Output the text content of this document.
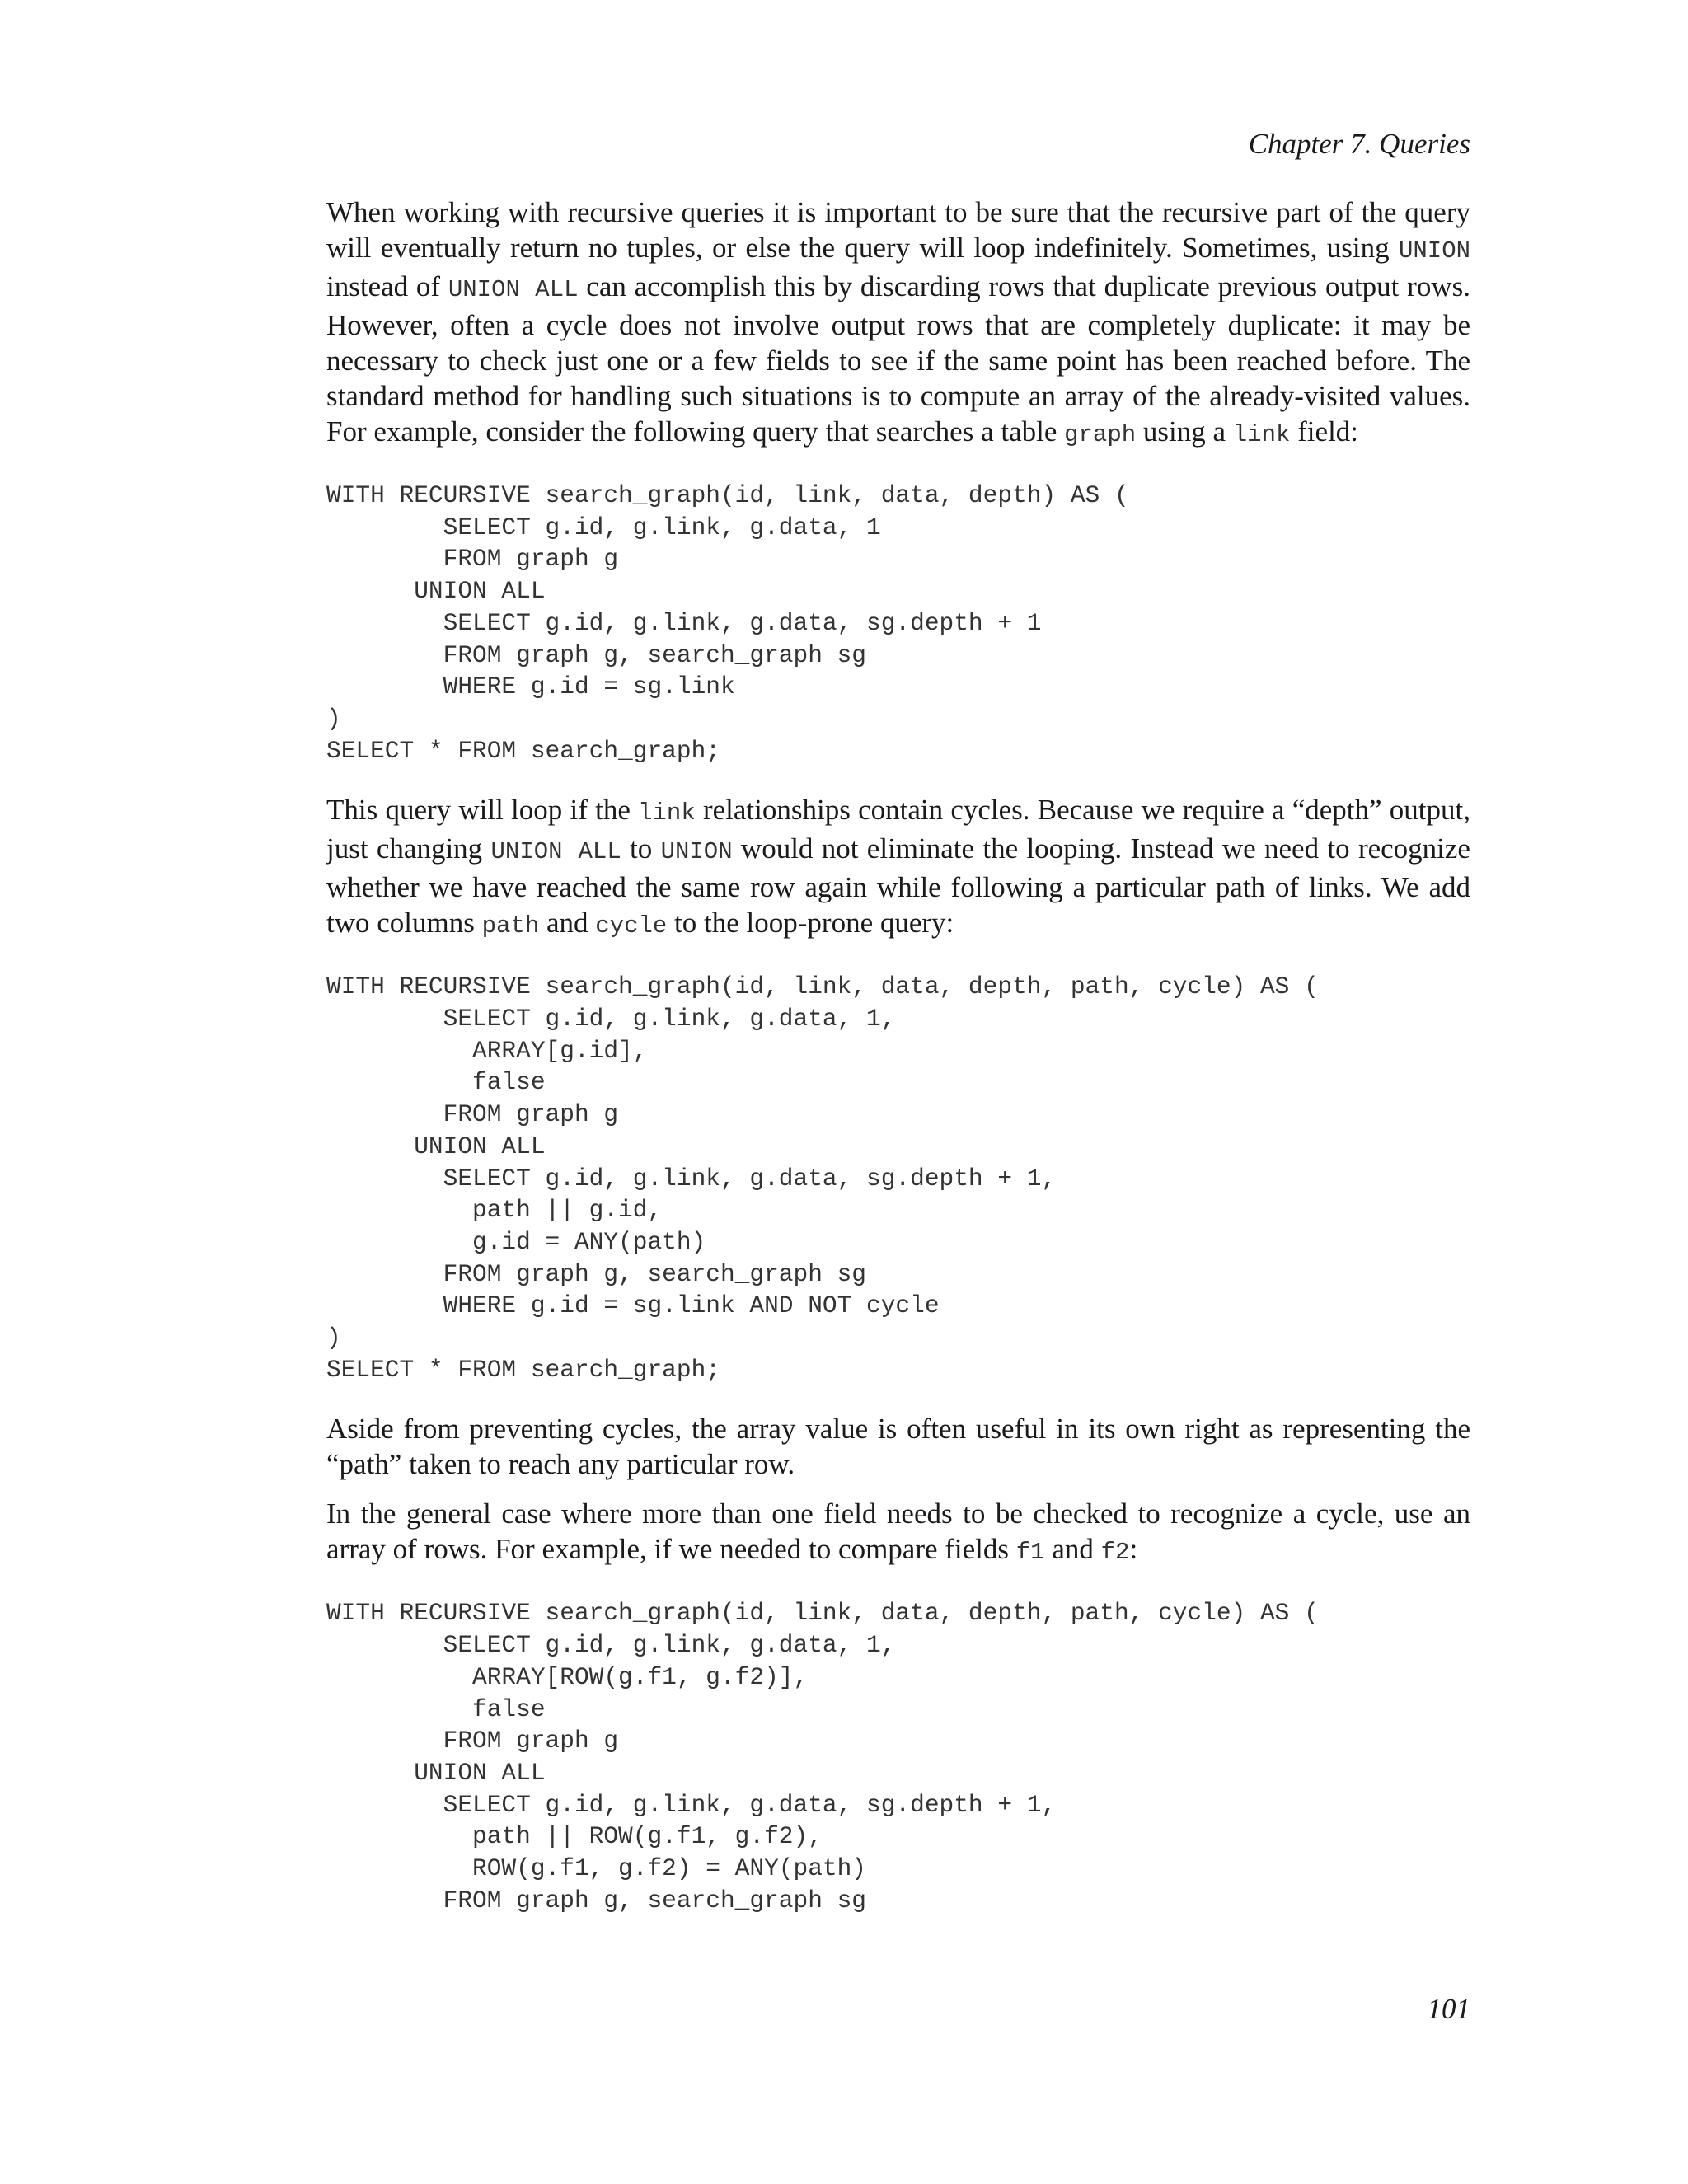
Chapter 7. Queries

When working with recursive queries it is important to be sure that the recursive part of the query will eventually return no tuples, or else the query will loop indefinitely. Sometimes, using UNION instead of UNION ALL can accomplish this by discarding rows that duplicate previous output rows. However, often a cycle does not involve output rows that are completely duplicate: it may be necessary to check just one or a few fields to see if the same point has been reached before. The standard method for handling such situations is to compute an array of the already-visited values. For example, consider the following query that searches a table graph using a link field:

WITH RECURSIVE search_graph(id, link, data, depth) AS (
SELECT g.id, g.link, g.data, 1
FROM graph g
UNION ALL
SELECT g.id, g.link, g.data, sg.depth + 1
FROM graph g, search_graph sg
WHERE g.id = sg.link
)
SELECT * FROM search_graph;

This query will loop if the link relationships contain cycles. Because we require a “depth” output, just changing UNION ALL to UNION would not eliminate the looping. Instead we need to recognize whether we have reached the same row again while following a particular path of links. We add two columns path and cycle to the loop-prone query:

WITH RECURSIVE search_graph(id, link, data, depth, path, cycle) AS (
SELECT g.id, g.link, g.data, 1,
ARRAY[g.id],
false
FROM graph g
UNION ALL
SELECT g.id, g.link, g.data, sg.depth + 1,
path || g.id,
g.id = ANY(path)
FROM graph g, search_graph sg
WHERE g.id = sg.link AND NOT cycle
)
SELECT * FROM search_graph;

Aside from preventing cycles, the array value is often useful in its own right as representing the “path” taken to reach any particular row.

In the general case where more than one field needs to be checked to recognize a cycle, use an array of rows. For example, if we needed to compare fields f1 and f2:

WITH RECURSIVE search_graph(id, link, data, depth, path, cycle) AS (
SELECT g.id, g.link, g.data, 1,
ARRAY[ROW(g.f1, g.f2)],
false
FROM graph g
UNION ALL
SELECT g.id, g.link, g.data, sg.depth + 1,
path || ROW(g.f1, g.f2),
ROW(g.f1, g.f2) = ANY(path)
FROM graph g, search_graph sg
101
